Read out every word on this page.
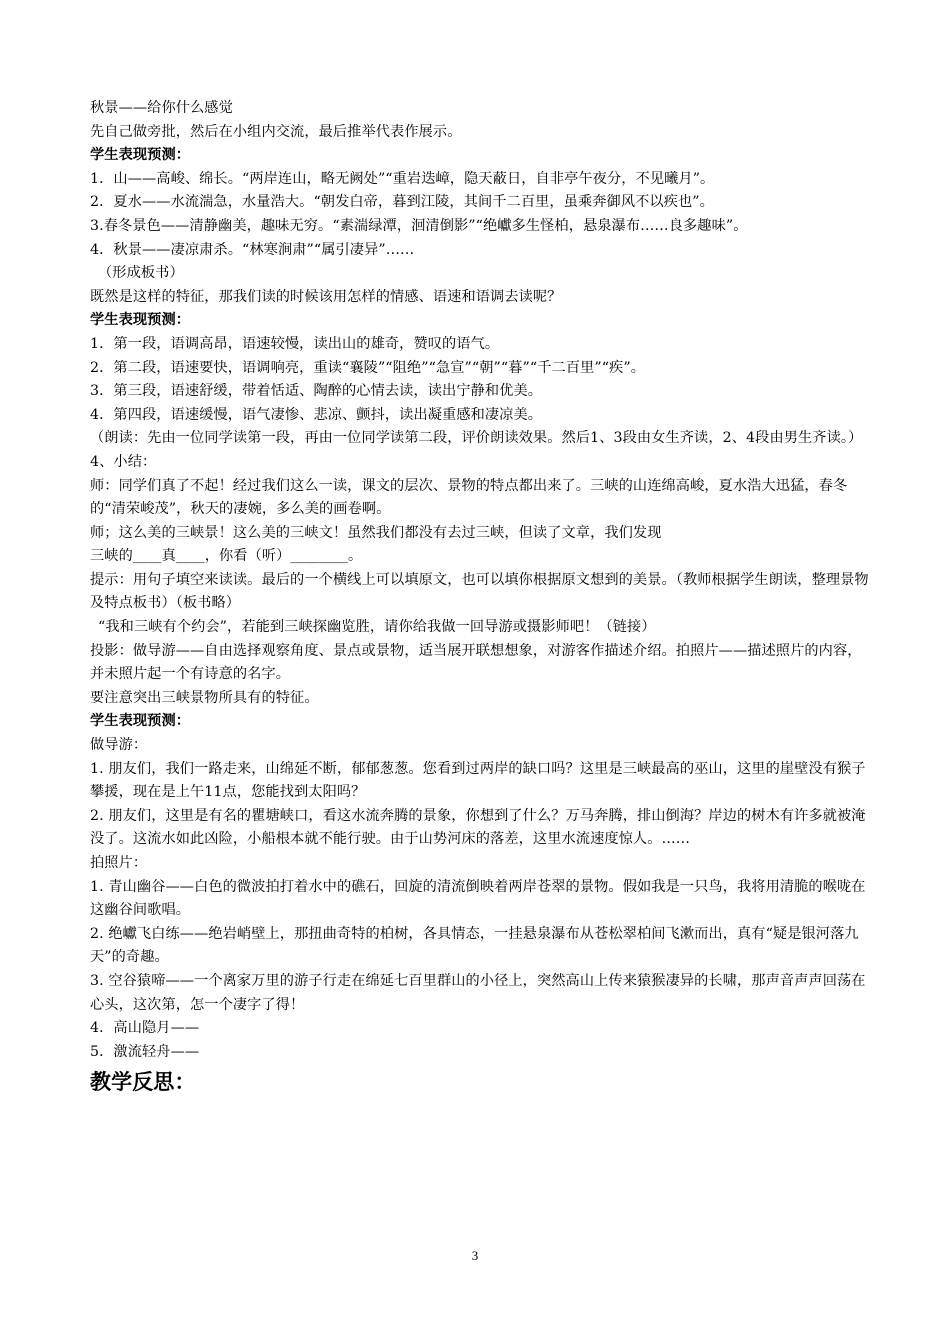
秋景——给你什么感觉

先自己做旁批，然后在小组内交流，最后推举代表作展示。

学生表现预测：

1．山——高峻、绵长。“两岸连山，略无阙处”“重岩迭嶂，隐天蔽日，自非亭午夜分，不见曦月”。

2．夏水——水流湍急，水量浩大。“朝发白帝，暮到江陵，其间千二百里，虽乘奔御风不以疾也”。

3.春冬景色——清静幽美，趣味无穷。“素湍绿潭，洄清倒影”“绝巘多生怪柏，悬泉瀑布……良多趣味”。

4．秋景——凄凉肃杀。“林寒涧肃”“属引凄异”……

（形成板书）

既然是这样的特征，那我们读的时候该用怎样的情感、语速和语调去读呢？

学生表现预测：

1．第一段，语调高昂，语速较慢，读出山的雄奇，赞叹的语气。

2．第二段，语速要快，语调响亮，重读“襄陵”“阻绝”“急宣”“朝”“暮”“千二百里”“疾”。

3．第三段，语速舒缓，带着恬适、陶醉的心情去读，读出宁静和优美。

4．第四段，语速缓慢，语气凄惨、悲凉、颤抖，读出凝重感和凄凉美。

（朗读：先由一位同学读第一段，再由一位同学读第二段，评价朗读效果。然后1、3段由女生齐读，2、4段由男生齐读。）

4、小结：

师：同学们真了不起！经过我们这么一读，课文的层次、景物的特点都出来了。三峡的山连绵高峻，夏水浩大迅猛，春冬的“清荣峻茂”，秋天的凄婉，多么美的画卷啊。

师；这么美的三峡景！这么美的三峡文！虽然我们都没有去过三峡，但读了文章，我们发现

三峡的____真____，你看（听）________。

提示：用句子填空来读读。最后的一个横线上可以填原文，也可以填你根据原文想到的美景。（教师根据学生朗读，整理景物及特点板书）（板书略）

“我和三峡有个约会”，若能到三峡探幽览胜，请你给我做一回导游或摄影师吧！（链接）

投影：做导游——自由选择观察角度、景点或景物，适当展开联想想象，对游客作描述介绍。拍照片——描述照片的内容，并未照片起一个有诗意的名字。

要注意突出三峡景物所具有的特征。

学生表现预测：

做导游：

1. 朋友们，我们一路走来，山绵延不断，郁郁葱葱。您看到过两岸的缺口吗？这里是三峡最高的巫山，这里的崖壁没有猴子攀援，现在是上午11点，您能找到太阳吗？

2. 朋友们，这里是有名的瞿塘峡口，看这水流奔腾的景象，你想到了什么？万马奔腾，排山倒海？岸边的树木有许多就被淹没了。这流水如此凶险，小船根本就不能行驶。由于山势河床的落差，这里水流速度惊人。……

拍照片：

1. 青山幽谷——白色的微波拍打着水中的礁石，回旋的清流倒映着两岸苍翠的景物。假如我是一只鸟，我将用清脆的喉咙在这幽谷间歌唱。

2. 绝巘飞白练——绝岩峭壁上，那扭曲奇特的柏树，各具情态，一挂悬泉瀑布从苍松翠柏间飞漱而出，真有“疑是银河落九天”的奇趣。

3. 空谷猿啼——一个离家万里的游子行走在绵延七百里群山的小径上，突然高山上传来猿猴凄异的长啸，那声音声声回荡在心头，这次第，怎一个凄字了得！

4．高山隐月——

5．激流轻舟——

教学反思：

3
